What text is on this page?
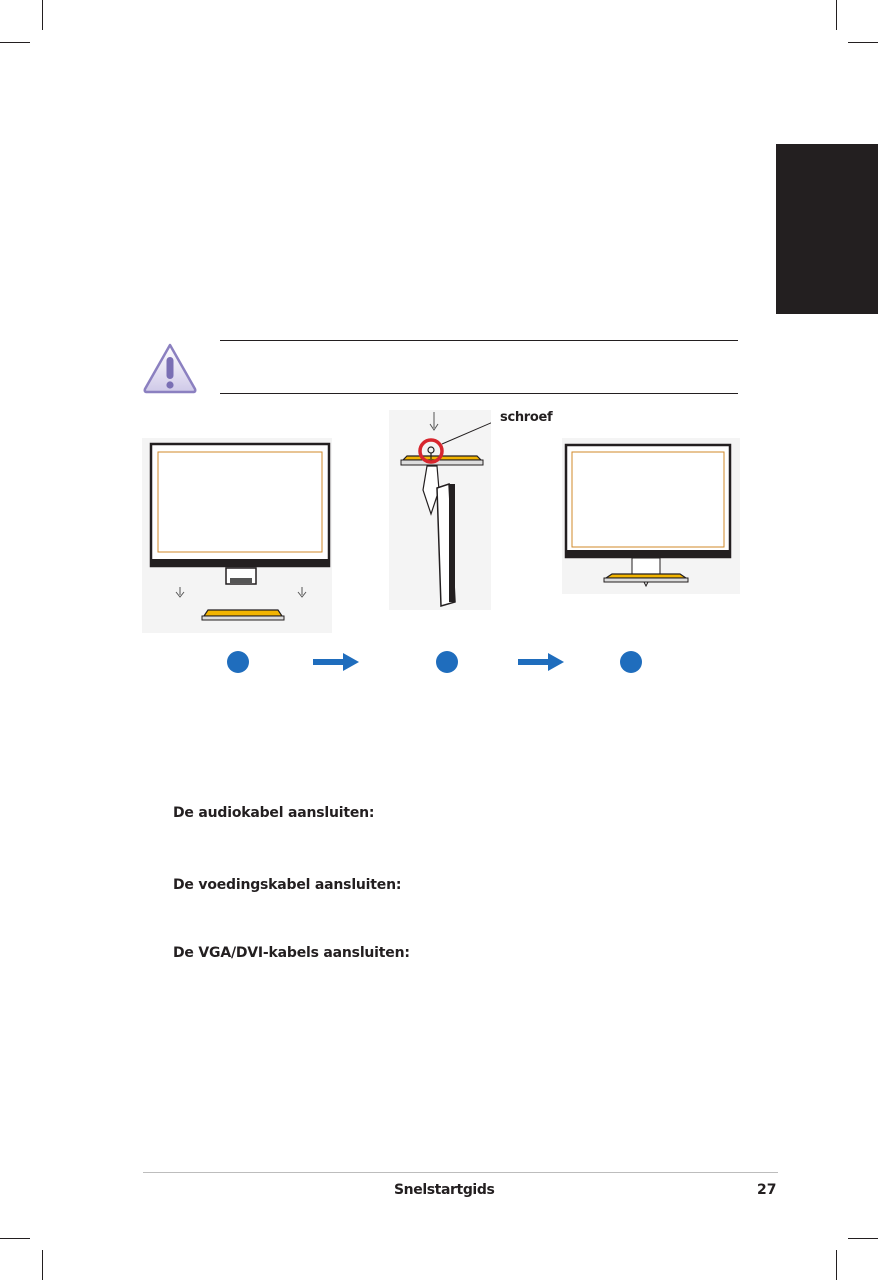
schroef
De audiokabel aansluiten:
De voedingskabel aansluiten:
De VGA/DVI-kabels aansluiten:
Snelstartgids	27
